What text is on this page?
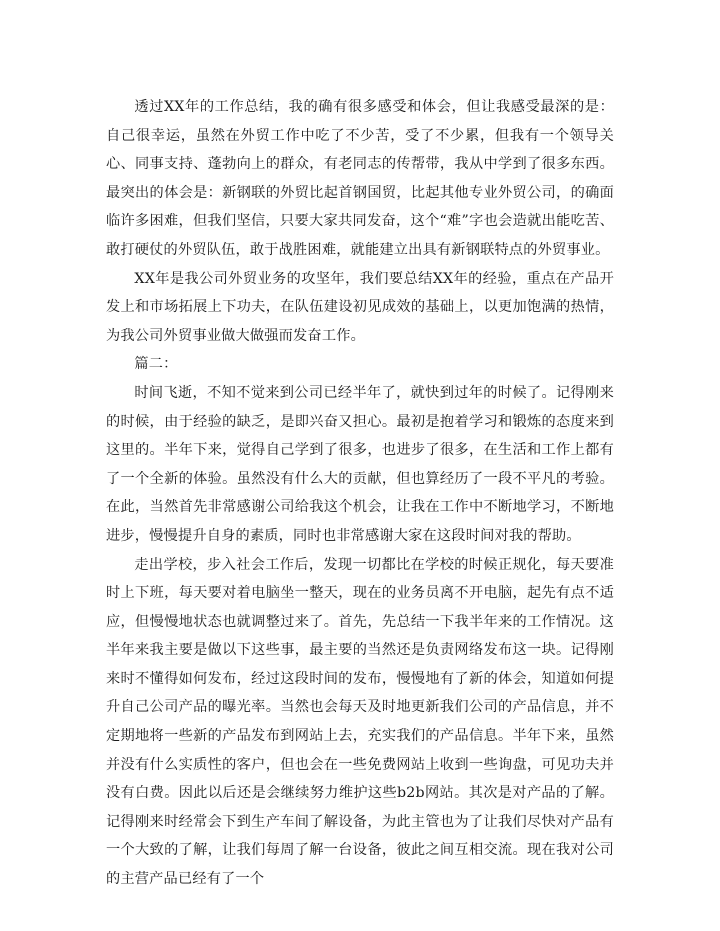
透过XX年的工作总结，我的确有很多感受和体会，但让我感受最深的是：自己很幸运，虽然在外贸工作中吃了不少苦，受了不少累，但我有一个领导关心、同事支持、蓬勃向上的群众，有老同志的传帮带，我从中学到了很多东西。最突出的体会是：新钢联的外贸比起首钢国贸，比起其他专业外贸公司，的确面临许多困难，但我们坚信，只要大家共同发奋，这个“难”字也会造就出能吃苦、敢打硬仗的外贸队伍，敢于战胜困难，就能建立出具有新钢联特点的外贸事业。

XX年是我公司外贸业务的攻坚年，我们要总结XX年的经验，重点在产品开发上和市场拓展上下功夫，在队伍建设初见成效的基础上，以更加饱满的热情，为我公司外贸事业做大做强而发奋工作。

篇二：

时间飞逝，不知不觉来到公司已经半年了，就快到过年的时候了。记得刚来的时候，由于经验的缺乏，是即兴奋又担心。最初是抱着学习和锻炼的态度来到这里的。半年下来，觉得自己学到了很多，也进步了很多，在生活和工作上都有了一个全新的体验。虽然没有什么大的贡献，但也算经历了一段不平凡的考验。在此，当然首先非常感谢公司给我这个机会，让我在工作中不断地学习，不断地进步，慢慢提升自身的素质，同时也非常感谢大家在这段时间对我的帮助。

走出学校，步入社会工作后，发现一切都比在学校的时候正规化，每天要准时上下班，每天要对着电脑坐一整天，现在的业务员离不开电脑，起先有点不适应，但慢慢地状态也就调整过来了。首先，先总结一下我半年来的工作情况。这半年来我主要是做以下这些事，最主要的当然还是负责网络发布这一块。记得刚来时不懂得如何发布，经过这段时间的发布，慢慢地有了新的体会，知道如何提升自己公司产品的曝光率。当然也会每天及时地更新我们公司的产品信息，并不定期地将一些新的产品发布到网站上去，充实我们的产品信息。半年下来，虽然并没有什么实质性的客户，但也会在一些免费网站上收到一些询盘，可见功夫并没有白费。因此以后还是会继续努力维护这些b2b网站。其次是对产品的了解。记得刚来时经常会下到生产车间了解设备，为此主管也为了让我们尽快对产品有一个大致的了解，让我们每周了解一台设备，彼此之间互相交流。现在我对公司的主营产品已经有了一个
